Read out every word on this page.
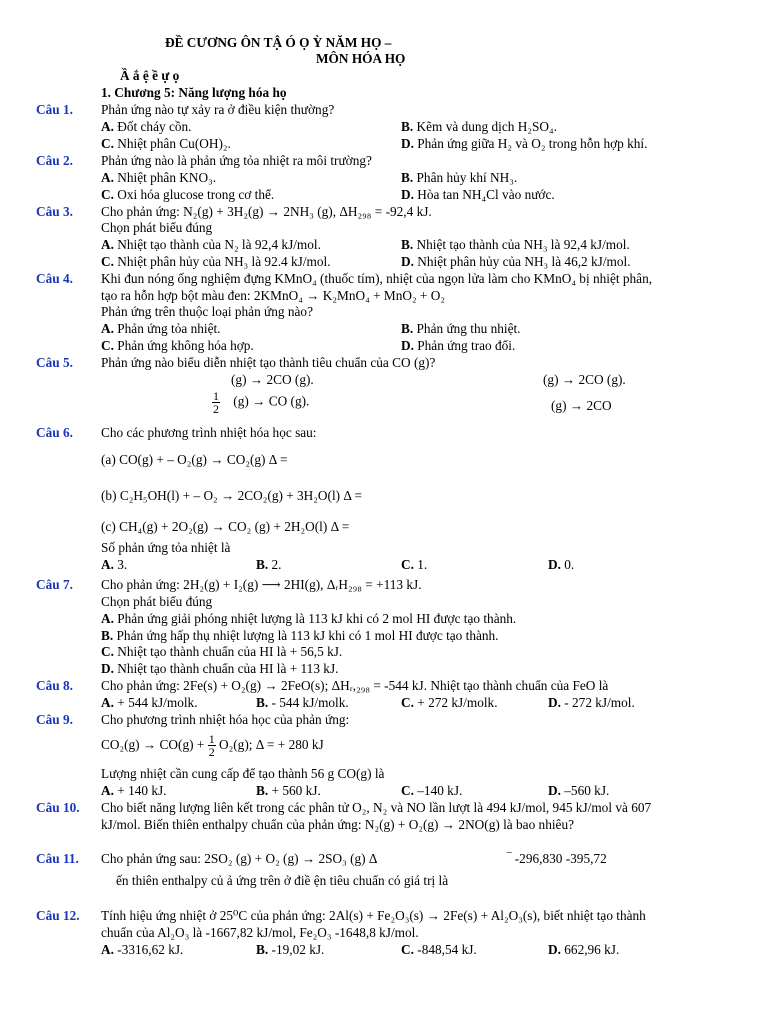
ĐỀ CƯƠNG ÔN TẬ Ó Ọ Ỳ NĂM HỌ –
MÔN HÓA HỌ
Ầ ắ ệ ề ự ọ
1. Chương 5: Năng lượng hóa họ
Câu 1. Phản ứng nào tự xảy ra ở điều kiện thường?
A. Đốt cháy cồn.	B. Kẽm và dung dịch H₂SO₄.
C. Nhiệt phân Cu(OH)₂.	D. Phản ứng giữa H₂ và O₂ trong hỗn hợp khí.
Câu 2. Phản ứng nào là phản ứng tỏa nhiệt ra môi trường?
A. Nhiệt phân KNO₃.	B. Phân hủy khí NH₃.
C. Oxi hóa glucose trong cơ thể.	D. Hòa tan NH₄Cl vào nước.
Câu 3. Cho phản ứng: N₂(g) + 3H₂(g) → 2NH₃ (g), ΔH₂₉₈ = -92,4 kJ.
Chọn phát biểu đúng
A. Nhiệt tạo thành của N₂ là 92,4 kJ/mol.	B. Nhiệt tạo thành của NH₃ là 92,4 kJ/mol.
C. Nhiệt phân hủy của NH₃ là 92.4 kJ/mol.	D. Nhiệt phân hủy của NH₃ là 46,2 kJ/mol.
Câu 4. Khi đun nóng ống nghiệm đựng KMnO₄ (thuốc tím), nhiệt của ngọn lửa làm cho KMnO₄ bị nhiệt phân,
tạo ra hỗn hợp bột màu đen: 2KMnO₄ → K₂MnO₄ + MnO₂ + O₂
Phản ứng trên thuộc loại phản ứng nào?
A. Phản ứng tỏa nhiệt.	B. Phản ứng thu nhiệt.
C. Phản ứng không hóa hợp.	D. Phản ứng trao đổi.
Câu 5. Phản ứng nào biểu diễn nhiệt tạo thành tiêu chuẩn của CO (g)?
(g) → 2CO (g).	(g) → 2CO (g).
$\frac{1}{2} (g)$ → CO (g).	(g) → 2CO
Câu 6. Cho các phương trình nhiệt hóa học sau:
(a) CO(g) + – O₂(g) → CO₂(g) Δ =
(b) C₂H₅OH(l) + – O₂ → 2CO₂(g) + 3H₂O(l) Δ =
(c) CH₄(g) + 2O₂(g) → CO₂ (g) + 2H₂O(l) Δ =
Số phản ứng tỏa nhiệt là
A. 3.	B. 2.	C. 1.	D. 0.
Câu 7. Cho phản ứng: 2H₂(g) + I₂(g) ⟶ 2HI(g), ΔᵣH₂₉₈ = +113 kJ.
Chọn phát biểu đúng
A. Phản ứng giải phóng nhiệt lượng là 113 kJ khi có 2 mol HI được tạo thành.
B. Phản ứng hấp thụ nhiệt lượng là 113 kJ khi có 1 mol HI được tạo thành.
C. Nhiệt tạo thành chuẩn của HI là + 56,5 kJ.
D. Nhiệt tạo thành chuẩn của HI là + 113 kJ.
Câu 8. Cho phản ứng: 2Fe(s) + O₂(g) → 2FeO(s); ΔHᵣ,₂₉₈ = -544 kJ. Nhiệt tạo thành chuẩn của FeO là
A. + 544 kJ/molk.	B. - 544 kJ/molk.	C. + 272 kJ/molk.	D. - 272 kJ/mol.
Câu 9. Cho phương trình nhiệt hóa học của phản ứng:
$CO_2(g) \to CO(g) + \frac{1}{2} O_2(g)$; Δ = + 280 kJ
Lượng nhiệt cần cung cấp để tạo thành 56 g CO(g) là
A. + 140 kJ.	B. + 560 kJ.	C. –140 kJ.	D. –560 kJ.
Câu 10. Cho biết năng lượng liên kết trong các phân tử O₂, N₂ và NO lần lượt là 494 kJ/mol, 945 kJ/mol và 607
kJ/mol. Biến thiên enthalpy chuẩn của phản ứng: N₂(g) + O₂(g) → 2NO(g) là bao nhiêu?
Câu 11. Cho phản ứng sau: 2SO₂ (g) + O₂ (g) → 2SO₃ (g) Δ	‾ -296,830 -395,72
ến thiên enthalpy củ ả ứng trên ở điề ện tiêu chuẩn có giá trị là
Câu 12. Tính hiệu ứng nhiệt ở 25⁰C của phản ứng: 2Al(s) + Fe₂O₃(s) → 2Fe(s) + Al₂O₃(s), biết nhiệt tạo thành
chuẩn của Al₂O₃ là -1667,82 kJ/mol, Fe₂O₃ -1648,8 kJ/mol.
A. -3316,62 kJ.	B. -19,02 kJ.	C. -848,54 kJ.	D. 662,96 kJ.
